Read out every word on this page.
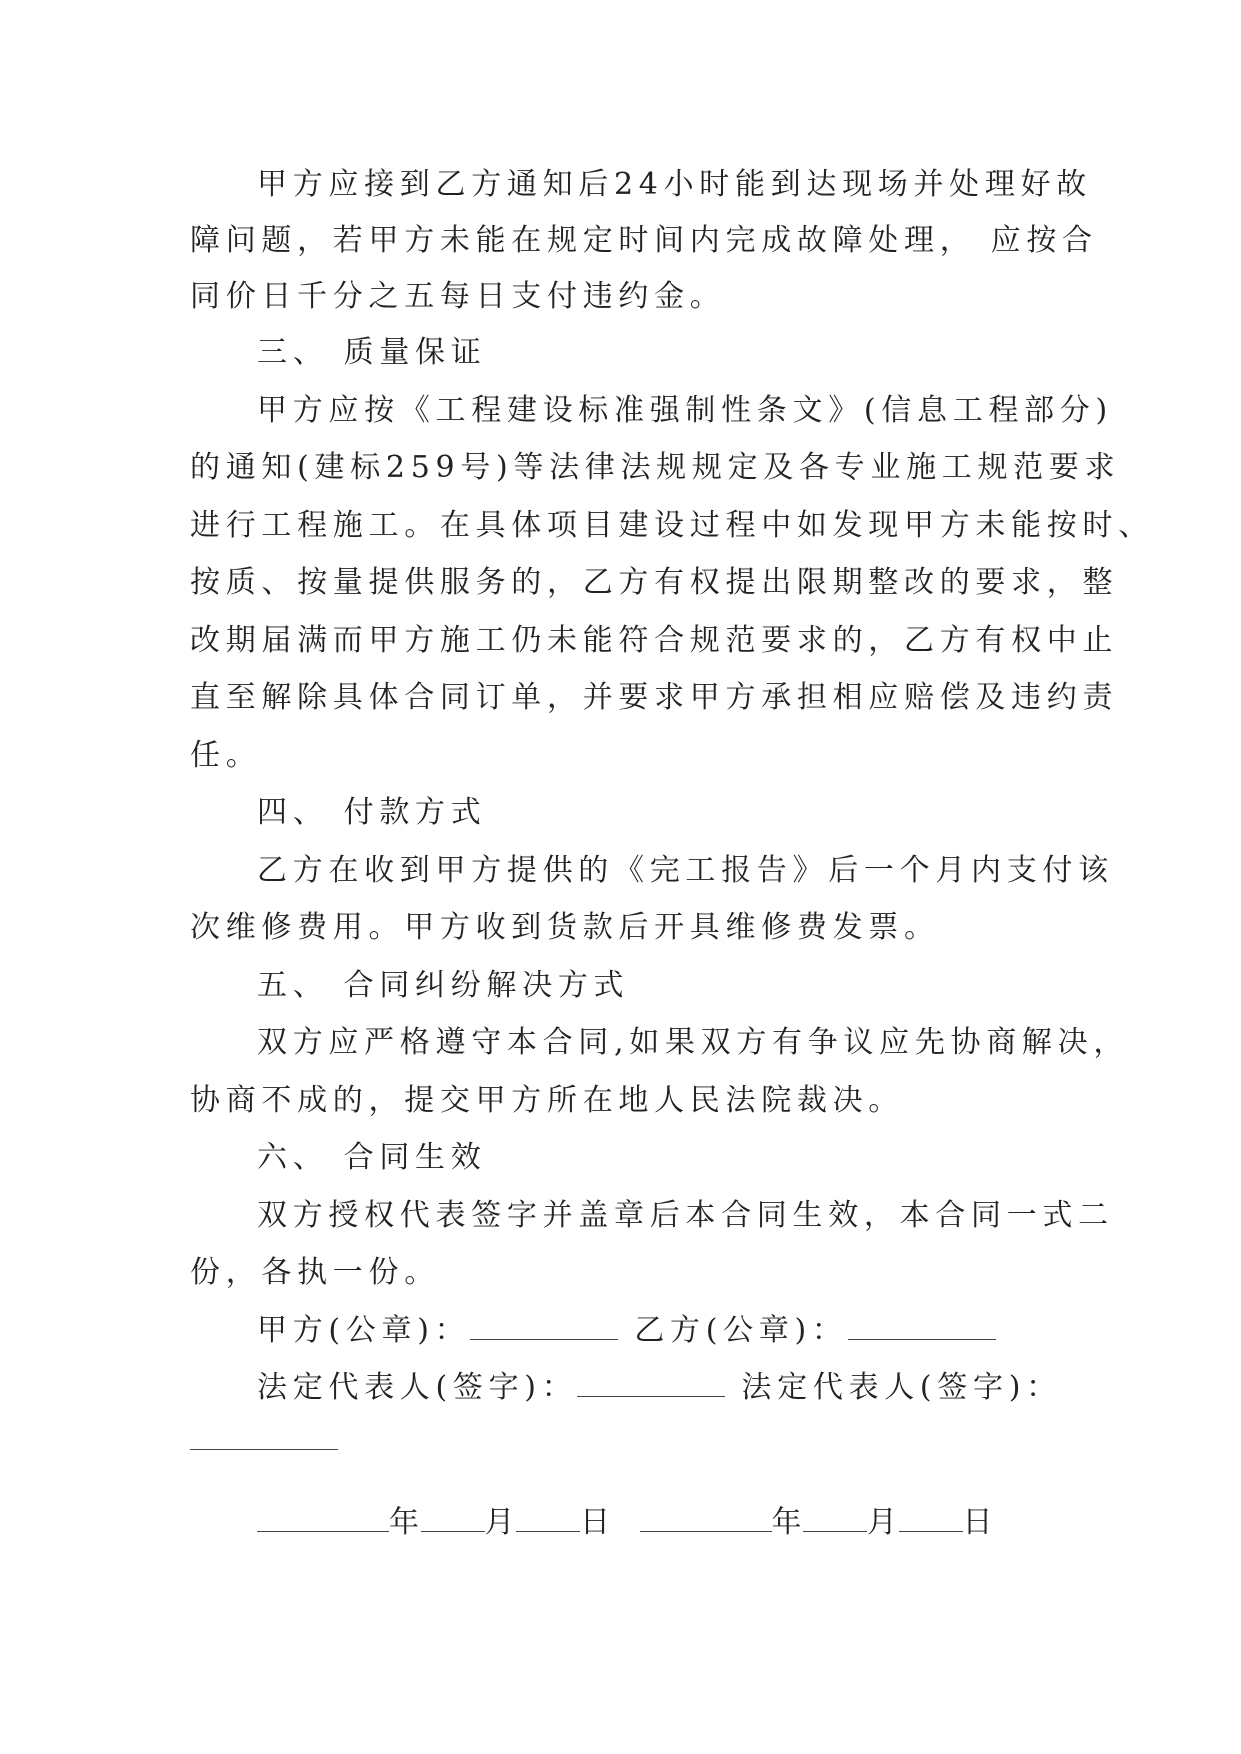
甲方应接到乙方通知后24小时能到达现场并处理好故

障问题，若甲方未能在规定时间内完成故障处理， 应按合

同价日千分之五每日支付违约金。

三、 质量保证

甲方应按《工程建设标准强制性条文》(信息工程部分)

的通知(建标259号)等法律法规规定及各专业施工规范要求

进行工程施工。在具体项目建设过程中如发现甲方未能按时、

按质、按量提供服务的，乙方有权提出限期整改的要求，整

改期届满而甲方施工仍未能符合规范要求的，乙方有权中止

直至解除具体合同订单，并要求甲方承担相应赔偿及违约责

任。

四、 付款方式

乙方在收到甲方提供的《完工报告》后一个月内支付该

次维修费用。甲方收到货款后开具维修费发票。

五、 合同纠纷解决方式

双方应严格遵守本合同,如果双方有争议应先协商解决，

协商不成的，提交甲方所在地人民法院裁决。

六、 合同生效

双方授权代表签字并盖章后本合同生效，本合同一式二

份，各执一份。

甲方(公章)：	乙方(公章)：

法定代表人(签字)：	法定代表人(签字)：

年 月 日	年 月 日
